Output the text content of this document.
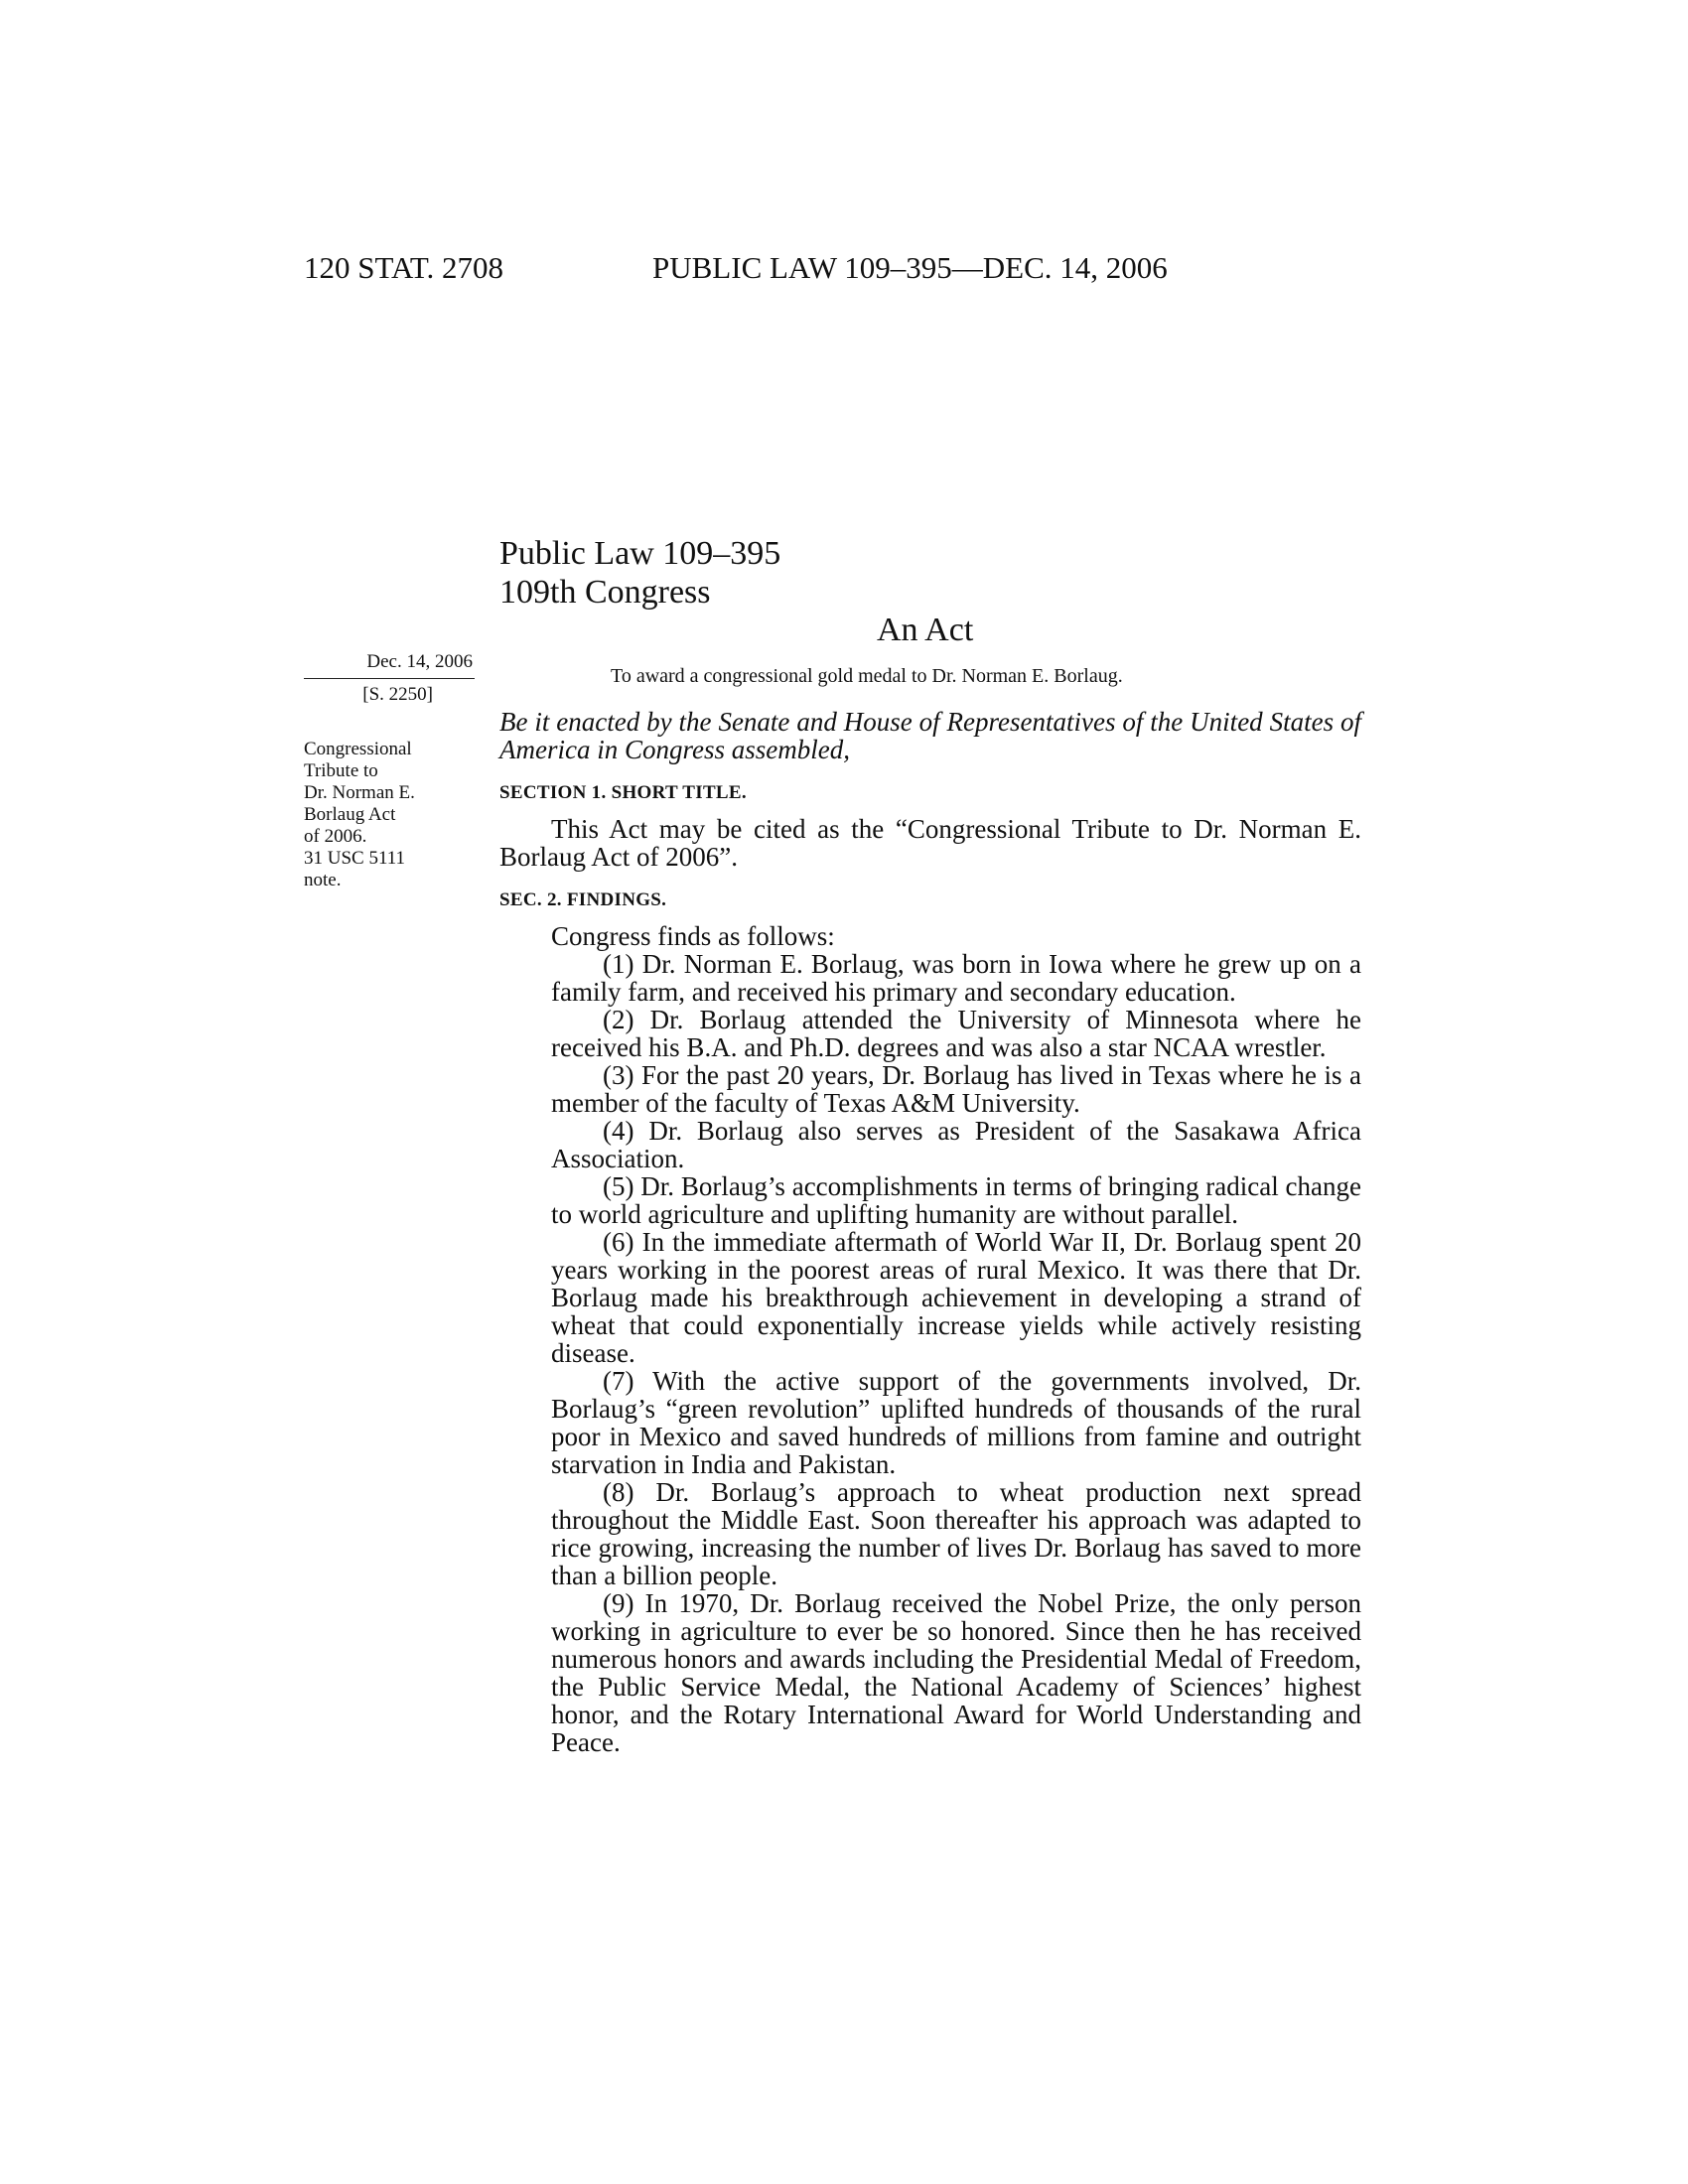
120 STAT. 2708	PUBLIC LAW 109–395—DEC. 14, 2006
Public Law 109–395
109th Congress
An Act
Dec. 14, 2006
[S. 2250]
Congressional
Tribute to
Dr. Norman E.
Borlaug Act
of 2006.
31 USC 5111
note.
To award a congressional gold medal to Dr. Norman E. Borlaug.

Be it enacted by the Senate and House of Representatives of the United States of America in Congress assembled,

SECTION 1. SHORT TITLE.

This Act may be cited as the “Congressional Tribute to Dr. Norman E. Borlaug Act of 2006”.

SEC. 2. FINDINGS.

Congress finds as follows:

(1) Dr. Norman E. Borlaug, was born in Iowa where he grew up on a family farm, and received his primary and secondary education.

(2) Dr. Borlaug attended the University of Minnesota where he received his B.A. and Ph.D. degrees and was also a star NCAA wrestler.

(3) For the past 20 years, Dr. Borlaug has lived in Texas where he is a member of the faculty of Texas A&M University.

(4) Dr. Borlaug also serves as President of the Sasakawa Africa Association.

(5) Dr. Borlaug’s accomplishments in terms of bringing radical change to world agriculture and uplifting humanity are without parallel.

(6) In the immediate aftermath of World War II, Dr. Borlaug spent 20 years working in the poorest areas of rural Mexico. It was there that Dr. Borlaug made his breakthrough achievement in developing a strand of wheat that could exponentially increase yields while actively resisting disease.

(7) With the active support of the governments involved, Dr. Borlaug’s “green revolution” uplifted hundreds of thousands of the rural poor in Mexico and saved hundreds of millions from famine and outright starvation in India and Pakistan.

(8) Dr. Borlaug’s approach to wheat production next spread throughout the Middle East. Soon thereafter his approach was adapted to rice growing, increasing the number of lives Dr. Borlaug has saved to more than a billion people.

(9) In 1970, Dr. Borlaug received the Nobel Prize, the only person working in agriculture to ever be so honored. Since then he has received numerous honors and awards including the Presidential Medal of Freedom, the Public Service Medal, the National Academy of Sciences’ highest honor, and the Rotary International Award for World Understanding and Peace.
